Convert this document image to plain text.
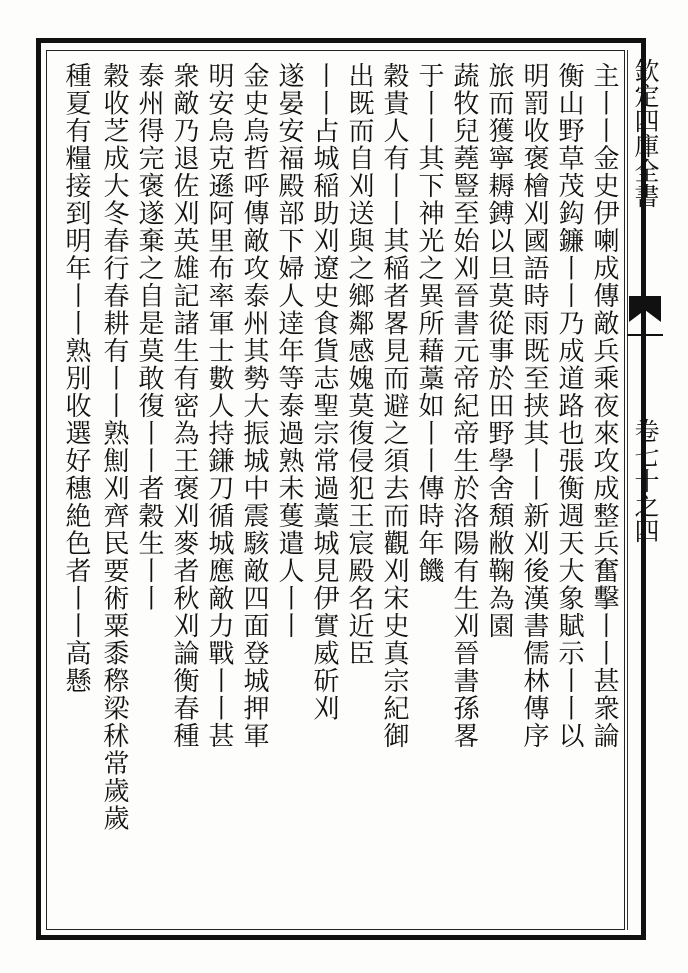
欽定四庫全書
卷七十之四
主丨丨金史伊喇成傳敵兵乘夜來攻成整兵奮擊丨丨甚衆論
衡山野草茂鈎鐮丨丨乃成道路也張衡週天大象賦示丨丨以
明罰收褒檜刈國語時雨既至挟其丨丨新刈後漢書儒林傳序
旅而獲寧耨鎛以旦莫從事於田野學舍頽敝鞠為園
蔬牧兒蕘豎至始刈晉書元帝紀帝生於洛陽有生刈晉書孫畧
于丨丨其下神光之異所藉藁如丨丨傳時年饑
穀貴人有丨丨其稲者畧見而避之須去而觀刈宋史真宗紀御
出既而自刈送與之鄉鄰感媿莫復侵犯王宸殿名近臣
丨丨占城稲助刈遼史食貨志聖宗常過藁城見伊實威斫刈
遂晏安福殿部下婦人逹年等泰過熟未蒦遣人丨丨
金史烏哲呼傳敵攻泰州其勢大振城中震駭敵四面登城押軍
明安烏克遜阿里布率軍士數人持鎌刀循城應敵力戰丨丨甚
衆敵乃退佐刈英雄記諸生有密為王褒刈麥者秋刈論衡春種
泰州得完褒遂棄之自是莫敢復丨丨者穀生丨丨
穀收芝成大冬春行春耕有丨丨熟劁刈齊民要術粟黍穄梁秫常歲歲
種夏有糧接到明年丨丨熟別收選好穗絶色者丨丨高懸
